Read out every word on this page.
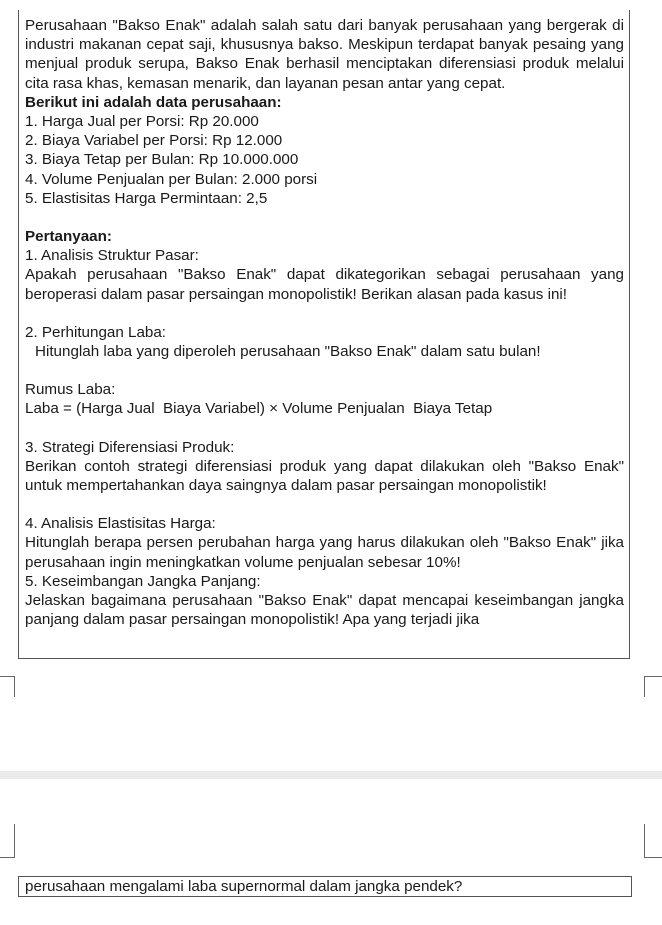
Perusahaan "Bakso Enak" adalah salah satu dari banyak perusahaan yang bergerak di industri makanan cepat saji, khususnya bakso. Meskipun terdapat banyak pesaing yang menjual produk serupa, Bakso Enak berhasil menciptakan diferensiasi produk melalui cita rasa khas, kemasan menarik, dan layanan pesan antar yang cepat.

Berikut ini adalah data perusahaan:

1. Harga Jual per Porsi: Rp 20.000

2. Biaya Variabel per Porsi: Rp 12.000

3. Biaya Tetap per Bulan: Rp 10.000.000

4. Volume Penjualan per Bulan: 2.000 porsi

5. Elastisitas Harga Permintaan: 2,5

Pertanyaan:

1. Analisis Struktur Pasar:

Apakah perusahaan "Bakso Enak" dapat dikategorikan sebagai perusahaan yang beroperasi dalam pasar persaingan monopolistik! Berikan alasan pada kasus ini!

2. Perhitungan Laba:

Hitunglah laba yang diperoleh perusahaan "Bakso Enak" dalam satu bulan!

Rumus Laba:

Laba = (Harga Jual  Biaya Variabel) × Volume Penjualan  Biaya Tetap

3. Strategi Diferensiasi Produk:

Berikan contoh strategi diferensiasi produk yang dapat dilakukan oleh "Bakso Enak" untuk mempertahankan daya saingnya dalam pasar persaingan monopolistik!

4. Analisis Elastisitas Harga:

Hitunglah berapa persen perubahan harga yang harus dilakukan oleh "Bakso Enak" jika perusahaan ingin meningkatkan volume penjualan sebesar 10%!

5. Keseimbangan Jangka Panjang:

Jelaskan bagaimana perusahaan "Bakso Enak" dapat mencapai keseimbangan jangka panjang dalam pasar persaingan monopolistik! Apa yang terjadi jika

perusahaan mengalami laba supernormal dalam jangka pendek?
